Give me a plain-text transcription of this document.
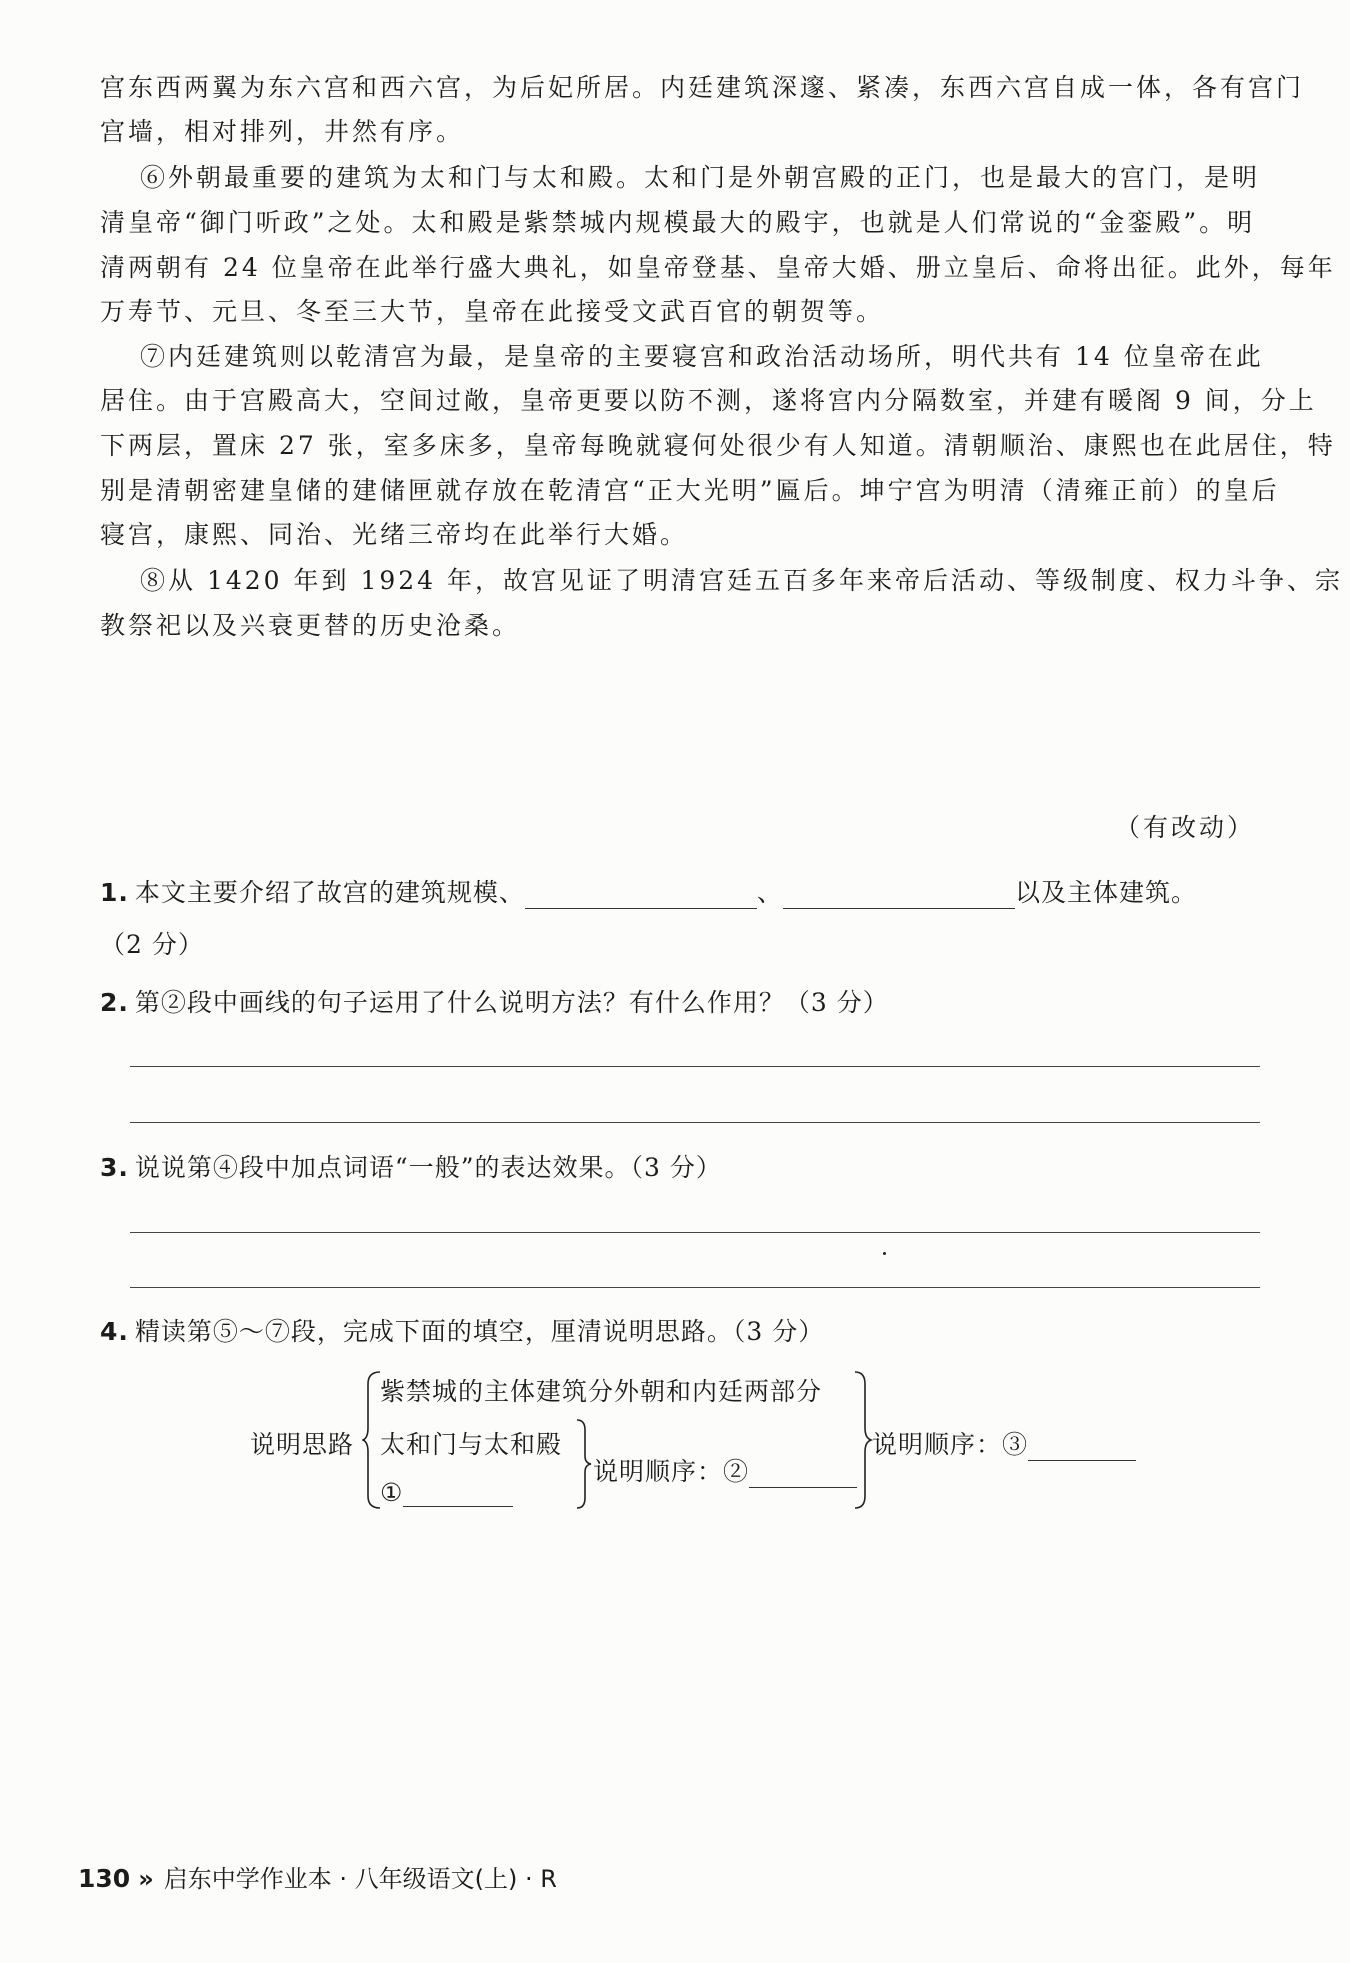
宫东西两翼为东六宫和西六宫，为后妃所居。内廷建筑深邃、紧凑，东西六宫自成一体，各有宫门
宫墙，相对排列，井然有序。
⑥外朝最重要的建筑为太和门与太和殿。太和门是外朝宫殿的正门，也是最大的宫门，是明
清皇帝“御门听政”之处。太和殿是紫禁城内规模最大的殿宇，也就是人们常说的“金銮殿”。明
清两朝有 24 位皇帝在此举行盛大典礼，如皇帝登基、皇帝大婚、册立皇后、命将出征。此外，每年
万寿节、元旦、冬至三大节，皇帝在此接受文武百官的朝贺等。
⑦内廷建筑则以乾清宫为最，是皇帝的主要寝宫和政治活动场所，明代共有 14 位皇帝在此
居住。由于宫殿高大，空间过敞，皇帝更要以防不测，遂将宫内分隔数室，并建有暖阁 9 间，分上
下两层，置床 27 张，室多床多，皇帝每晚就寝何处很少有人知道。清朝顺治、康熙也在此居住，特
别是清朝密建皇储的建储匣就存放在乾清宫“正大光明”匾后。坤宁宫为明清（清雍正前）的皇后
寝宫，康熙、同治、光绪三帝均在此举行大婚。
⑧从 1420 年到 1924 年，故宫见证了明清宫廷五百多年来帝后活动、等级制度、权力斗争、宗
教祭祀以及兴衰更替的历史沧桑。
（有改动）
1. 本文主要介绍了故宫的建筑规模、	、	以及主体建筑。
（2 分）
2. 第②段中画线的句子运用了什么说明方法？有什么作用？（3 分）
3. 说说第④段中加点词语“一般”的表达效果。（3 分）
4. 精读第⑤～⑦段，完成下面的填空，厘清说明思路。（3 分）
说明思路
紫禁城的主体建筑分外朝和内廷两部分
太和门与太和殿
①
说明顺序：②
说明顺序：③
130 » 启东中学作业本 · 八年级语文(上) · R
